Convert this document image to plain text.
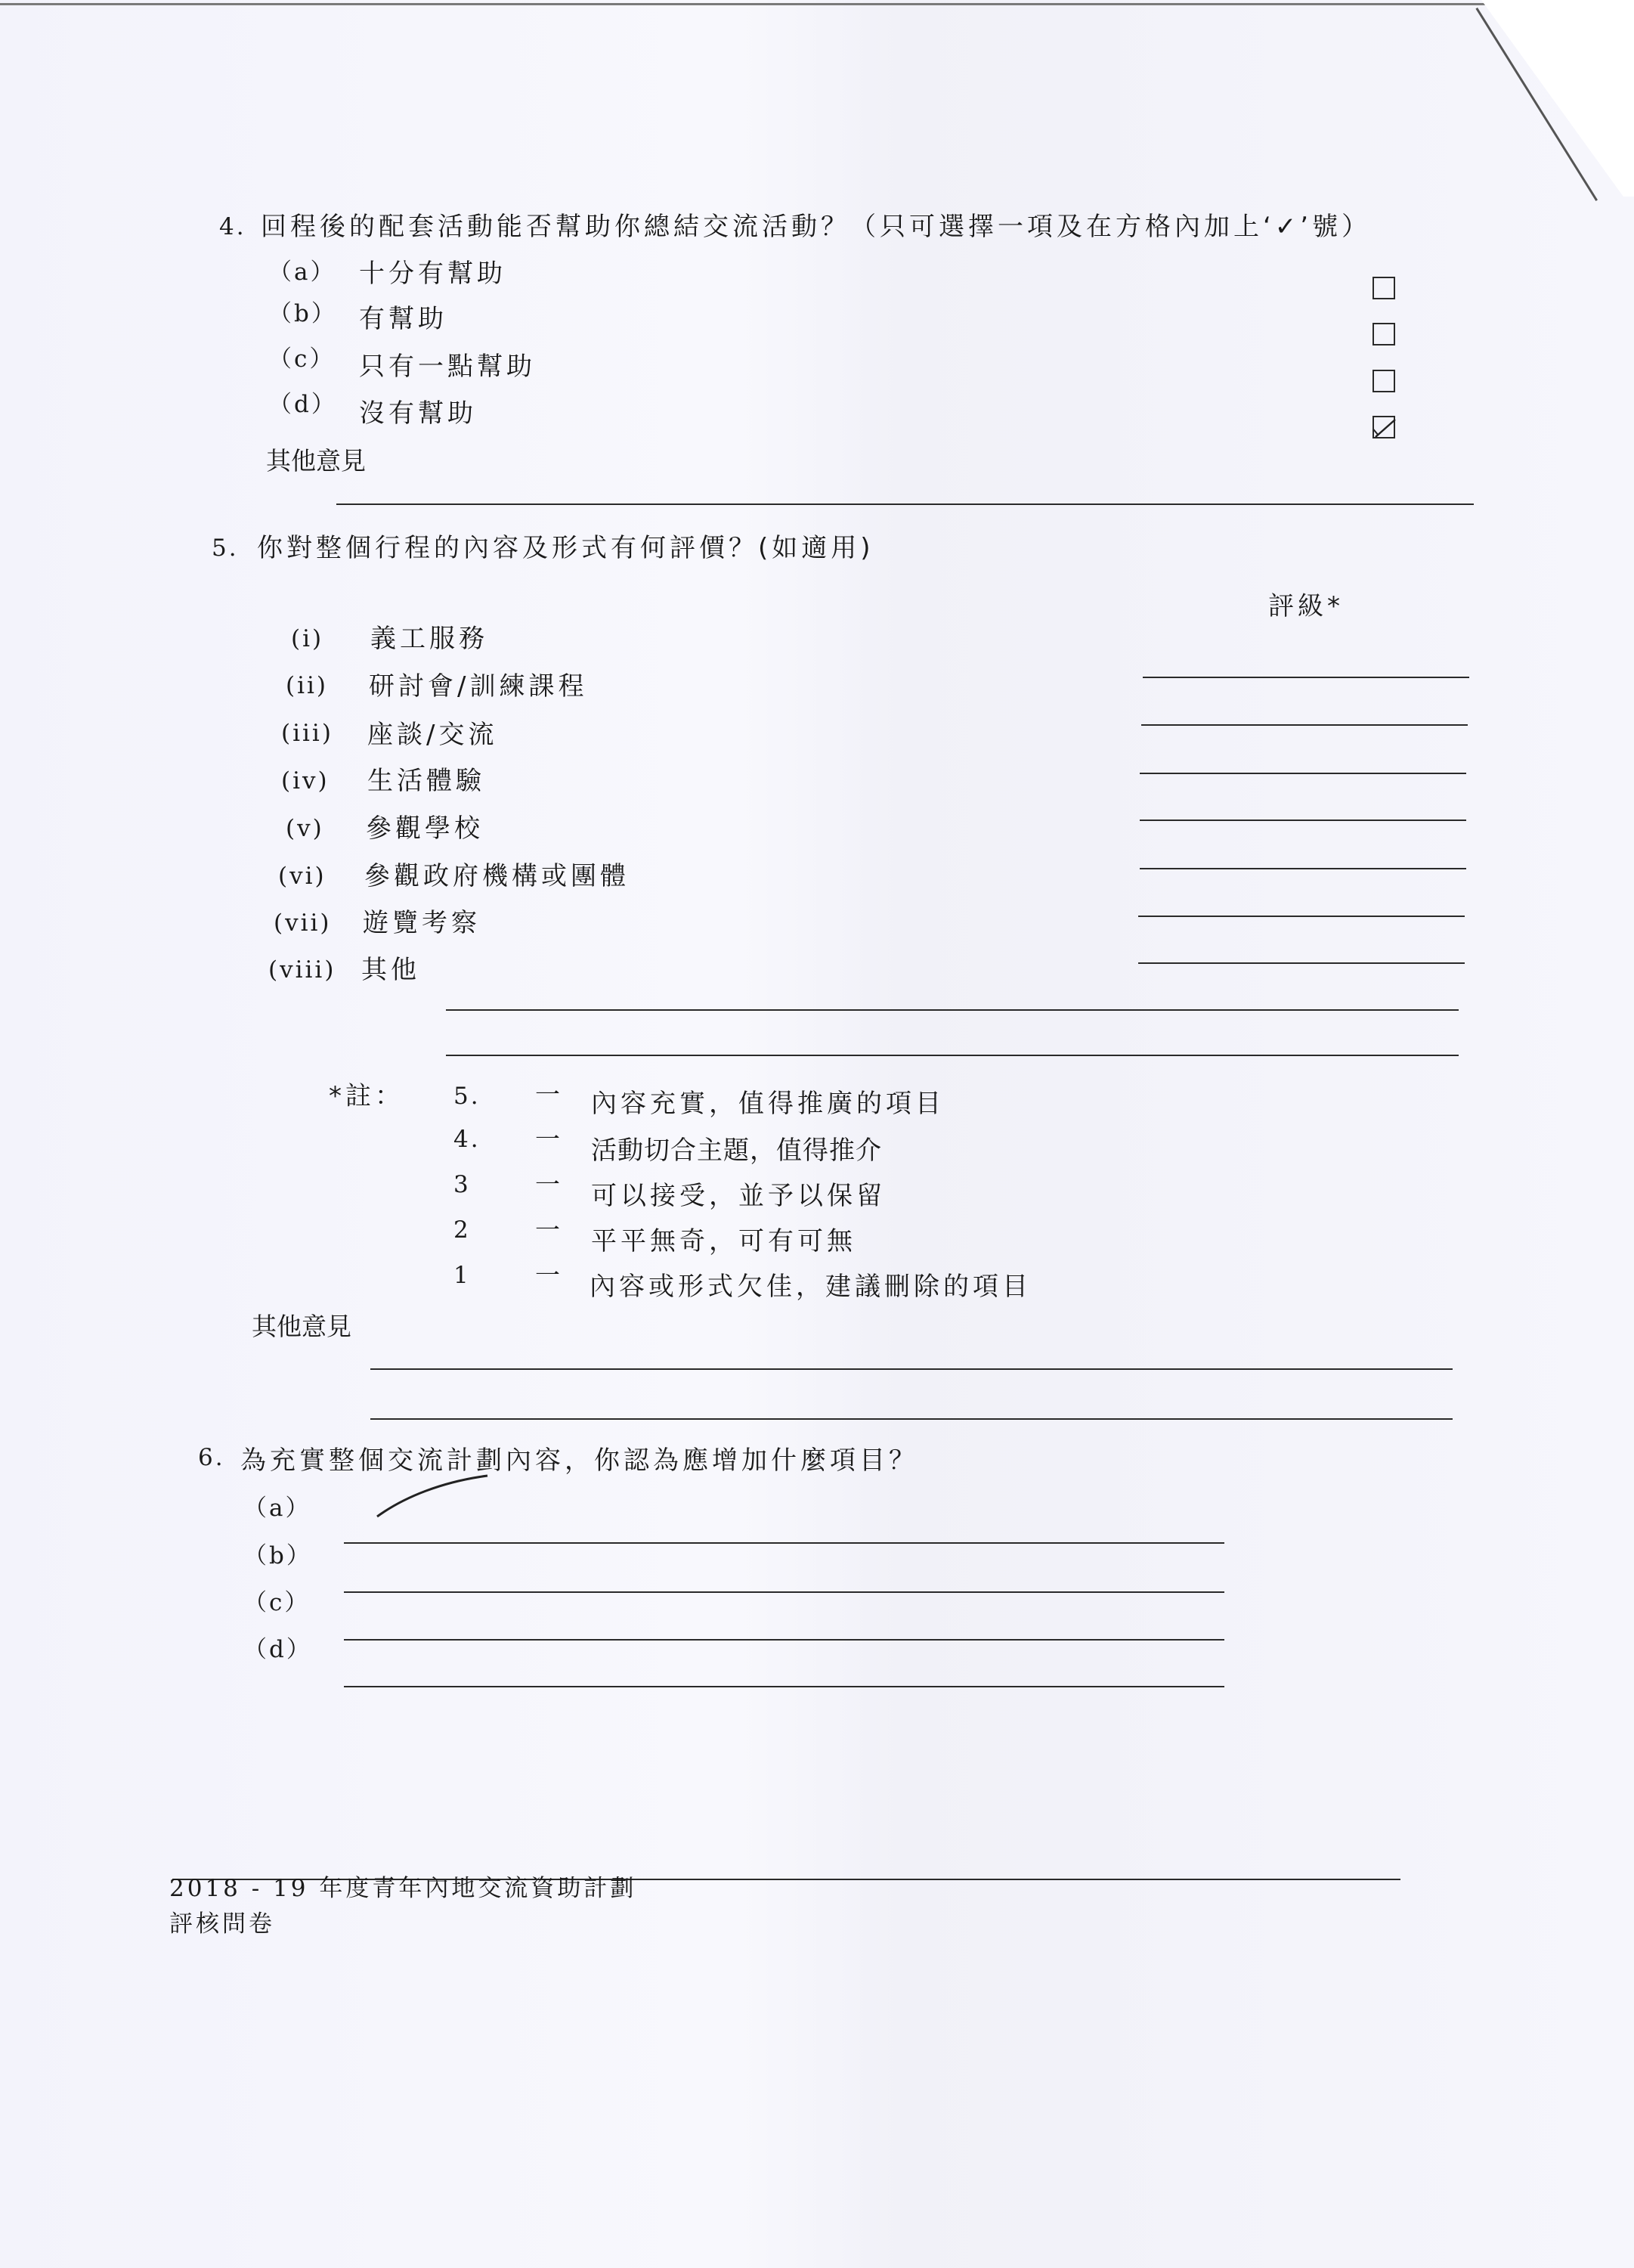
4. 回程後的配套活動能否幫助你總結交流活動？（只可選擇一項及在方格內加上‘✓’號）
（a） 十分有幫助
（b） 有幫助
（c） 只有一點幫助
（d） 沒有幫助
其他意見
5. 你對整個行程的內容及形式有何評價？(如適用)
評級*
(i) 義工服務
(ii) 研討會/訓練課程
(iii) 座談/交流
(iv) 生活體驗
(v) 參觀學校
(vi) 參觀政府機構或團體
(vii) 遊覽考察
(viii) 其他
*註： 5. 一 內容充實，值得推廣的項目
4. 一 活動切合主題，值得推介
3	一 可以接受，並予以保留
2	一 平平無奇，可有可無
1	一 內容或形式欠佳，建議刪除的項目
其他意見
6. 為充實整個交流計劃內容，你認為應增加什麼項目？
（a）
（b）
（c）
（d）
2018 - 19 年度青年內地交流資助計劃
評核問卷
